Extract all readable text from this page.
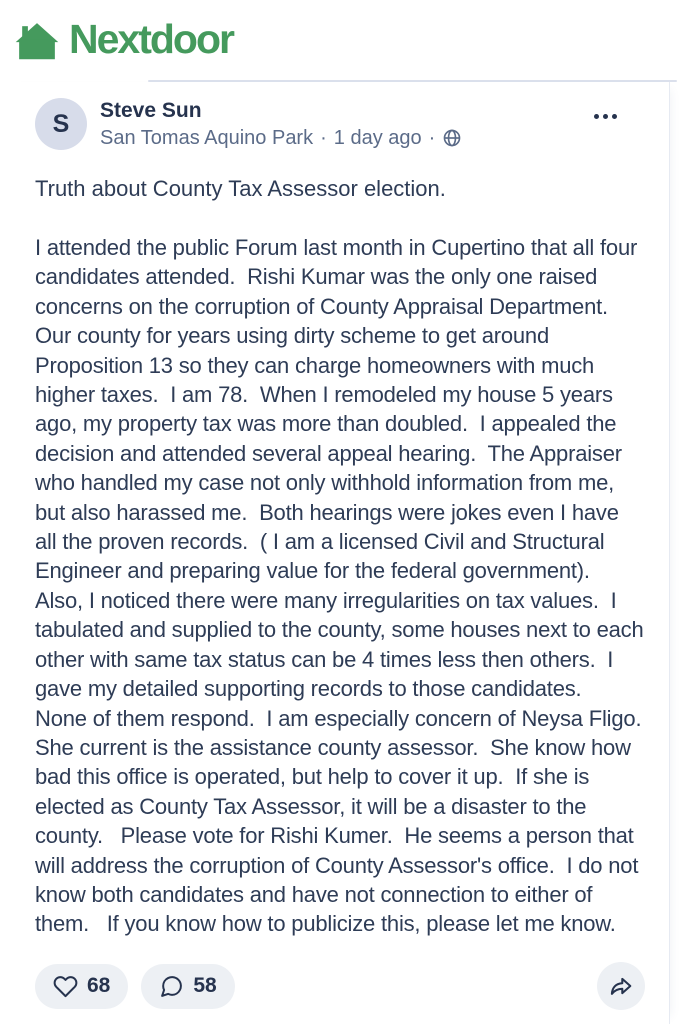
Nextdoor
S Steve Sun
San Tomas Aquino Park · 1 day ago ·

Truth about County Tax Assessor election.

I attended the public Forum last month in Cupertino that all four candidates attended.  Rishi Kumar was the only one raised concerns on the corruption of County Appraisal Department.  Our county for years using dirty scheme to get around Proposition 13 so they can charge homeowners with much higher taxes.  I am 78.  When I remodeled my house 5 years ago, my property tax was more than doubled.  I appealed the decision and attended several appeal hearing.  The Appraiser who handled my case not only withhold information from me, but also harassed me.  Both hearings were jokes even I have all the proven records.  ( I am a licensed Civil and Structural Engineer and preparing value for the federal government).  Also, I noticed there were many irregularities on tax values.  I tabulated and supplied to the county, some houses next to each other with same tax status can be 4 times less then others.  I gave my detailed supporting records to those candidates.  None of them respond.  I am especially concern of Neysa Fligo.  She current is the assistance county assessor.  She know how bad this office is operated, but help to cover it up.  If she is elected as County Tax Assessor, it will be a disaster to the county.   Please vote for Rishi Kumer.  He seems a person that will address the corruption of County Assessor's office.  I do not know both candidates and have not connection to either of them.   If you know how to publicize this, please let me know.

68	58
